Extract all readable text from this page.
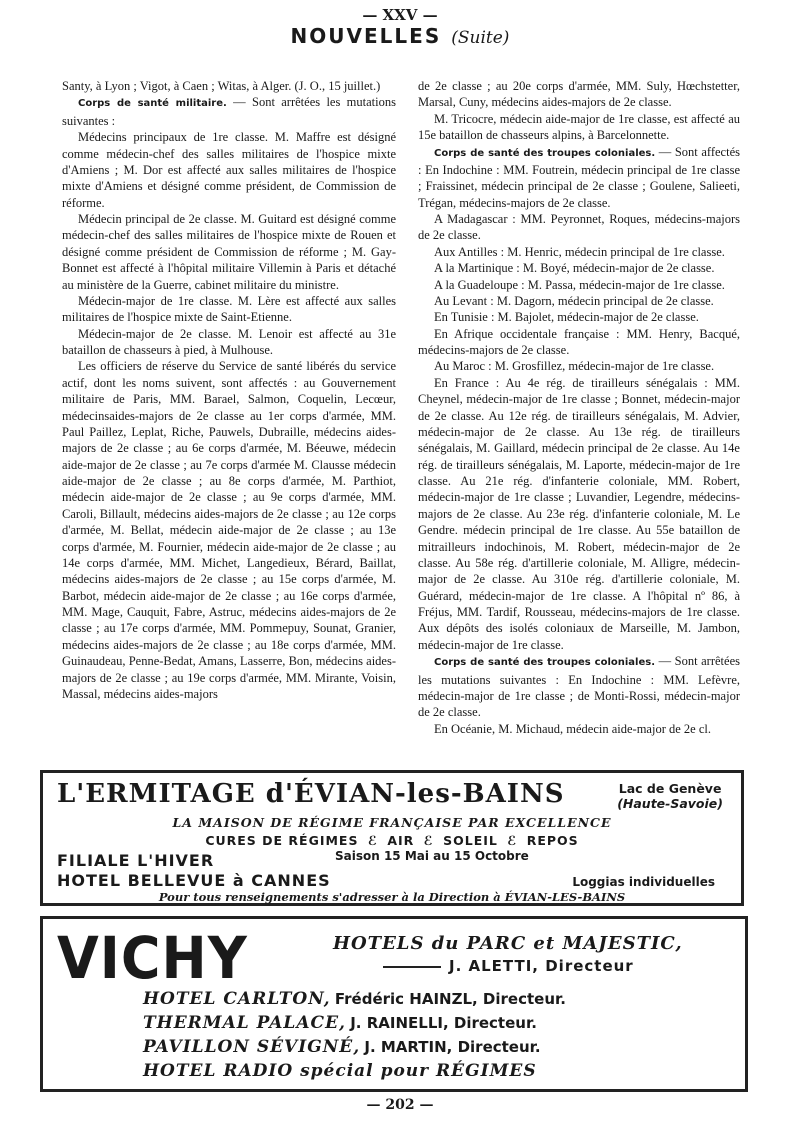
— XXV —
NOUVELLES (Suite)

Santy, à Lyon ; Vigot, à Caen ; Witas, à Alger. (J. O., 15 juillet.)

Corps de santé militaire. — Sont arrêtées les mutations suivantes :

Médecins principaux de 1re classe. M. Maffre est désigné comme médecin-chef des salles militaires de l'hospice mixte d'Amiens ; M. Dor est affecté aux salles militaires de l'hospice mixte d'Amiens et désigné comme président, de Commission de réforme.

Médecin principal de 2e classe. M. Guitard est désigné comme médecin-chef des salles militaires de l'hospice mixte de Rouen et désigné comme président de Commission de réforme ; M. Gay-Bonnet est affecté à l'hôpital militaire Villemin à Paris et détaché au ministère de la Guerre, cabinet militaire du ministre.

Médecin-major de 1re classe. M. Lère est affecté aux salles militaires de l'hospice mixte de Saint-Etienne.

Médecin-major de 2e classe. M. Lenoir est affecté au 31e bataillon de chasseurs à pied, à Mulhouse.

Les officiers de réserve du Service de santé libérés du service actif, dont les noms suivent, sont affectés : au Gouvernement militaire de Paris, MM. Barael, Salmon, Coquelin, Lecœur, médecinsaides-majors de 2e classe au 1er corps d'armée, MM. Paul Paillez, Leplat, Riche, Pauwels, Dubraille, médecins aides-majors de 2e classe ; au 6e corps d'armée, M. Béeuwe, médecin aide-major de 2e classe ; au 7e corps d'armée M. Clausse médecin aide-major de 2e classe ; au 8e corps d'armée, M. Parthiot, médecin aide-major de 2e classe ; au 9e corps d'armée, MM. Caroli, Billault, médecins aides-majors de 2e classe ; au 12e corps d'armée, M. Bellat, médecin aide-major de 2e classe ; au 13e corps d'armée, M. Fournier, médecin aide-major de 2e classe ; au 14e corps d'armée, MM. Michet, Langedieux, Bérard, Baillat, médecins aides-majors de 2e classe ; au 15e corps d'armée, M. Barbot, médecin aide-major de 2e classe ; au 16e corps d'armée, MM. Mage, Cauquit, Fabre, Astruc, médecins aides-majors de 2e classe ; au 17e corps d'armée, MM. Pommepuy, Sounat, Granier, médecins aides-majors de 2e classe ; au 18e corps d'armée, MM. Guinaudeau, Penne-Bedat, Amans, Lasserre, Bon, médecins aides-majors de 2e classe ; au 19e corps d'armée, MM. Mirante, Voisin, Massal, médecins aides-majors

de 2e classe ; au 20e corps d'armée, MM. Suly, Hœchstetter, Marsal, Cuny, médecins aides-majors de 2e classe.

M. Tricocre, médecin aide-major de 1re classe, est affecté au 15e bataillon de chasseurs alpins, à Barcelonnette.

Corps de santé des troupes coloniales. — Sont affectés : En Indochine : MM. Foutrein, médecin principal de 1re classe ; Fraissinet, médecin principal de 2e classe ; Goulene, Salieeti, Trégan, médecins-majors de 2e classe.

A Madagascar : MM. Peyronnet, Roques, médecins-majors de 2e classe.

Aux Antilles : M. Henric, médecin principal de 1re classe.

A la Martinique : M. Boyé, médecin-major de 2e classe.

A la Guadeloupe : M. Passa, médecin-major de 1re classe.

Au Levant : M. Dagorn, médecin principal de 2e classe.

En Tunisie : M. Bajolet, médecin-major de 2e classe.

En Afrique occidentale française : MM. Henry, Bacqué, médecins-majors de 2e classe.

Au Maroc : M. Grosfillez, médecin-major de 1re classe.

En France : Au 4e rég. de tirailleurs sénégalais : MM. Cheynel, médecin-major de 1re classe ; Bonnet, médecin-major de 2e classe. Au 12e rég. de tirailleurs sénégalais, M. Advier, médecin-major de 2e classe. Au 13e rég. de tirailleurs sénégalais, M. Gaillard, médecin principal de 2e classe. Au 14e rég. de tirailleurs sénégalais, M. Laporte, médecin-major de 1re classe. Au 21e rég. d'infanterie coloniale, MM. Robert, médecin-major de 1re classe ; Luvandier, Legendre, médecins-majors de 2e classe. Au 23e rég. d'infanterie coloniale, M. Le Gendre. médecin principal de 1re classe. Au 55e bataillon de mitrailleurs indochinois, M. Robert, médecin-major de 2e classe. Au 58e rég. d'artillerie coloniale, M. Alligre, médecin-major de 2e classe. Au 310e rég. d'artillerie coloniale, M. Guérard, médecin-major de 1re classe. A l'hôpital nº 86, à Fréjus, MM. Tardif, Rousseau, médecins-majors de 1re classe. Aux dépôts des isolés coloniaux de Marseille, M. Jambon, médecin-major de 1re classe.

Corps de santé des troupes coloniales. — Sont arrêtées les mutations suivantes : En Indochine : MM. Lefèvre, médecin-major de 1re classe ; de Monti-Rossi, médecin-major de 2e classe.

En Océanie, M. Michaud, médecin aide-major de 2e cl.

L'ERMITAGE d'ÉVIAN-les-BAINS	Lac de Genève
(Haute-Savoie)
LA MAISON DE RÉGIME FRANÇAISE PAR EXCELLENCE
CURES DE RÉGIMES ℰ AIR ℰ SOLEIL ℰ REPOS
FILIALE L'HIVER	Saison 15 Mai au 15 Octobre
HOTEL BELLEVUE à CANNES	Loggias individuelles
Pour tous renseignements s'adresser à la Direction à ÉVIAN-LES-BAINS
VICHY	HOTELS du PARC et MAJESTIC,
J. ALETTI, Directeur
HOTEL CARLTON, Frédéric HAINZL, Directeur.
THERMAL PALACE, J. RAINELLI, Directeur.
PAVILLON SÉVIGNÉ, J. MARTIN, Directeur.
HOTEL RADIO spécial pour RÉGIMES
— 202 —
